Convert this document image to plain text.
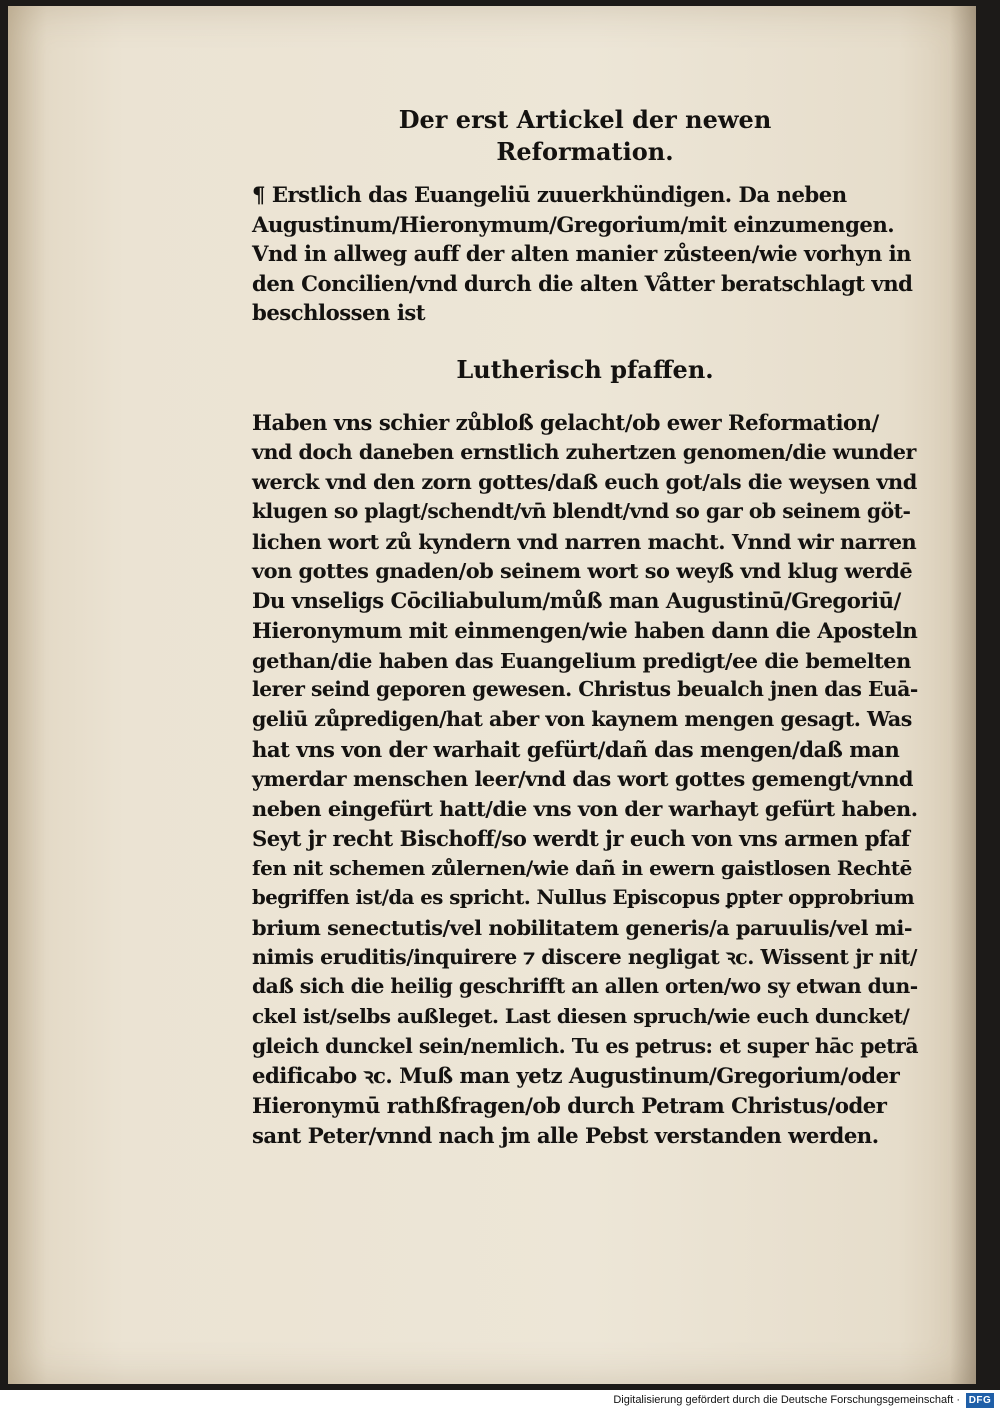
Der erst Artickel der newen
Reformation.
¶ Erstlich das Euangeliū zuuerkhündigen. Da neben
Augustinum/Hieronymum/Gregorium/mit einzumengen.
Vnd in allweg auff der alten manier zůsteen/wie vorhyn in
den Concilien/vnd durch die alten Våtter beratschlagt vnd
beschlossen ist
Lutherisch pfaffen.
Haben vns schier zůbloß gelacht/ob ewer Reformation/
vnd doch daneben ernstlich zuhertzen genomen/die wunder
werck vnd den zorn gottes/daß euch got/als die weysen vnd
klugen so plagt/schendt/vn̄ blendt/vnd so gar ob seinem göt-
lichen wort zů kyndern vnd narren macht. Vnnd wir narren
von gottes gnaden/ob seinem wort so weyß vnd klug werdē
Du vnseligs Cōciliabulum/můß man Augustinū/Gregoriū/
Hieronymum mit einmengen/wie haben dann die Aposteln
gethan/die haben das Euangelium predigt/ee die bemelten
lerer seind geporen gewesen. Christus beualch jnen das Euā-
geliū zůpredigen/hat aber von kaynem mengen gesagt. Was
hat vns von der warhait gefürt/dañ das mengen/daß man
ymerdar menschen leer/vnd das wort gottes gemengt/vnnd
neben eingefürt hatt/die vns von der warhayt gefürt haben.
Seyt jr recht Bischoff/so werdt jr euch von vns armen pfaf
fen nit schemen zůlernen/wie dañ in ewern gaistlosen Rechtē
begriffen ist/da es spricht. Nullus Episcopus ꝑpter opprobrium
brium senectutis/vel nobilitatem generis/a paruulis/vel mi-
nimis eruditis/inquirere ⁊ discere negligat ꝛc. Wissent jr nit/
daß sich die heilig geschrifft an allen orten/wo sy etwan dun-
ckel ist/selbs außleget. Last diesen spruch/wie euch duncket/
gleich dunckel sein/nemlich. Tu es petrus: et super hāc petrā
edificabo ꝛc. Muß man yetz Augustinum/Gregorium/oder
Hieronymū rathßfragen/ob durch Petram Christus/oder
sant Peter/vnnd nach jm alle Pebst verstanden werden.
Digitalisierung gefördert durch die Deutsche Forschungsgemeinschaft · DFG
